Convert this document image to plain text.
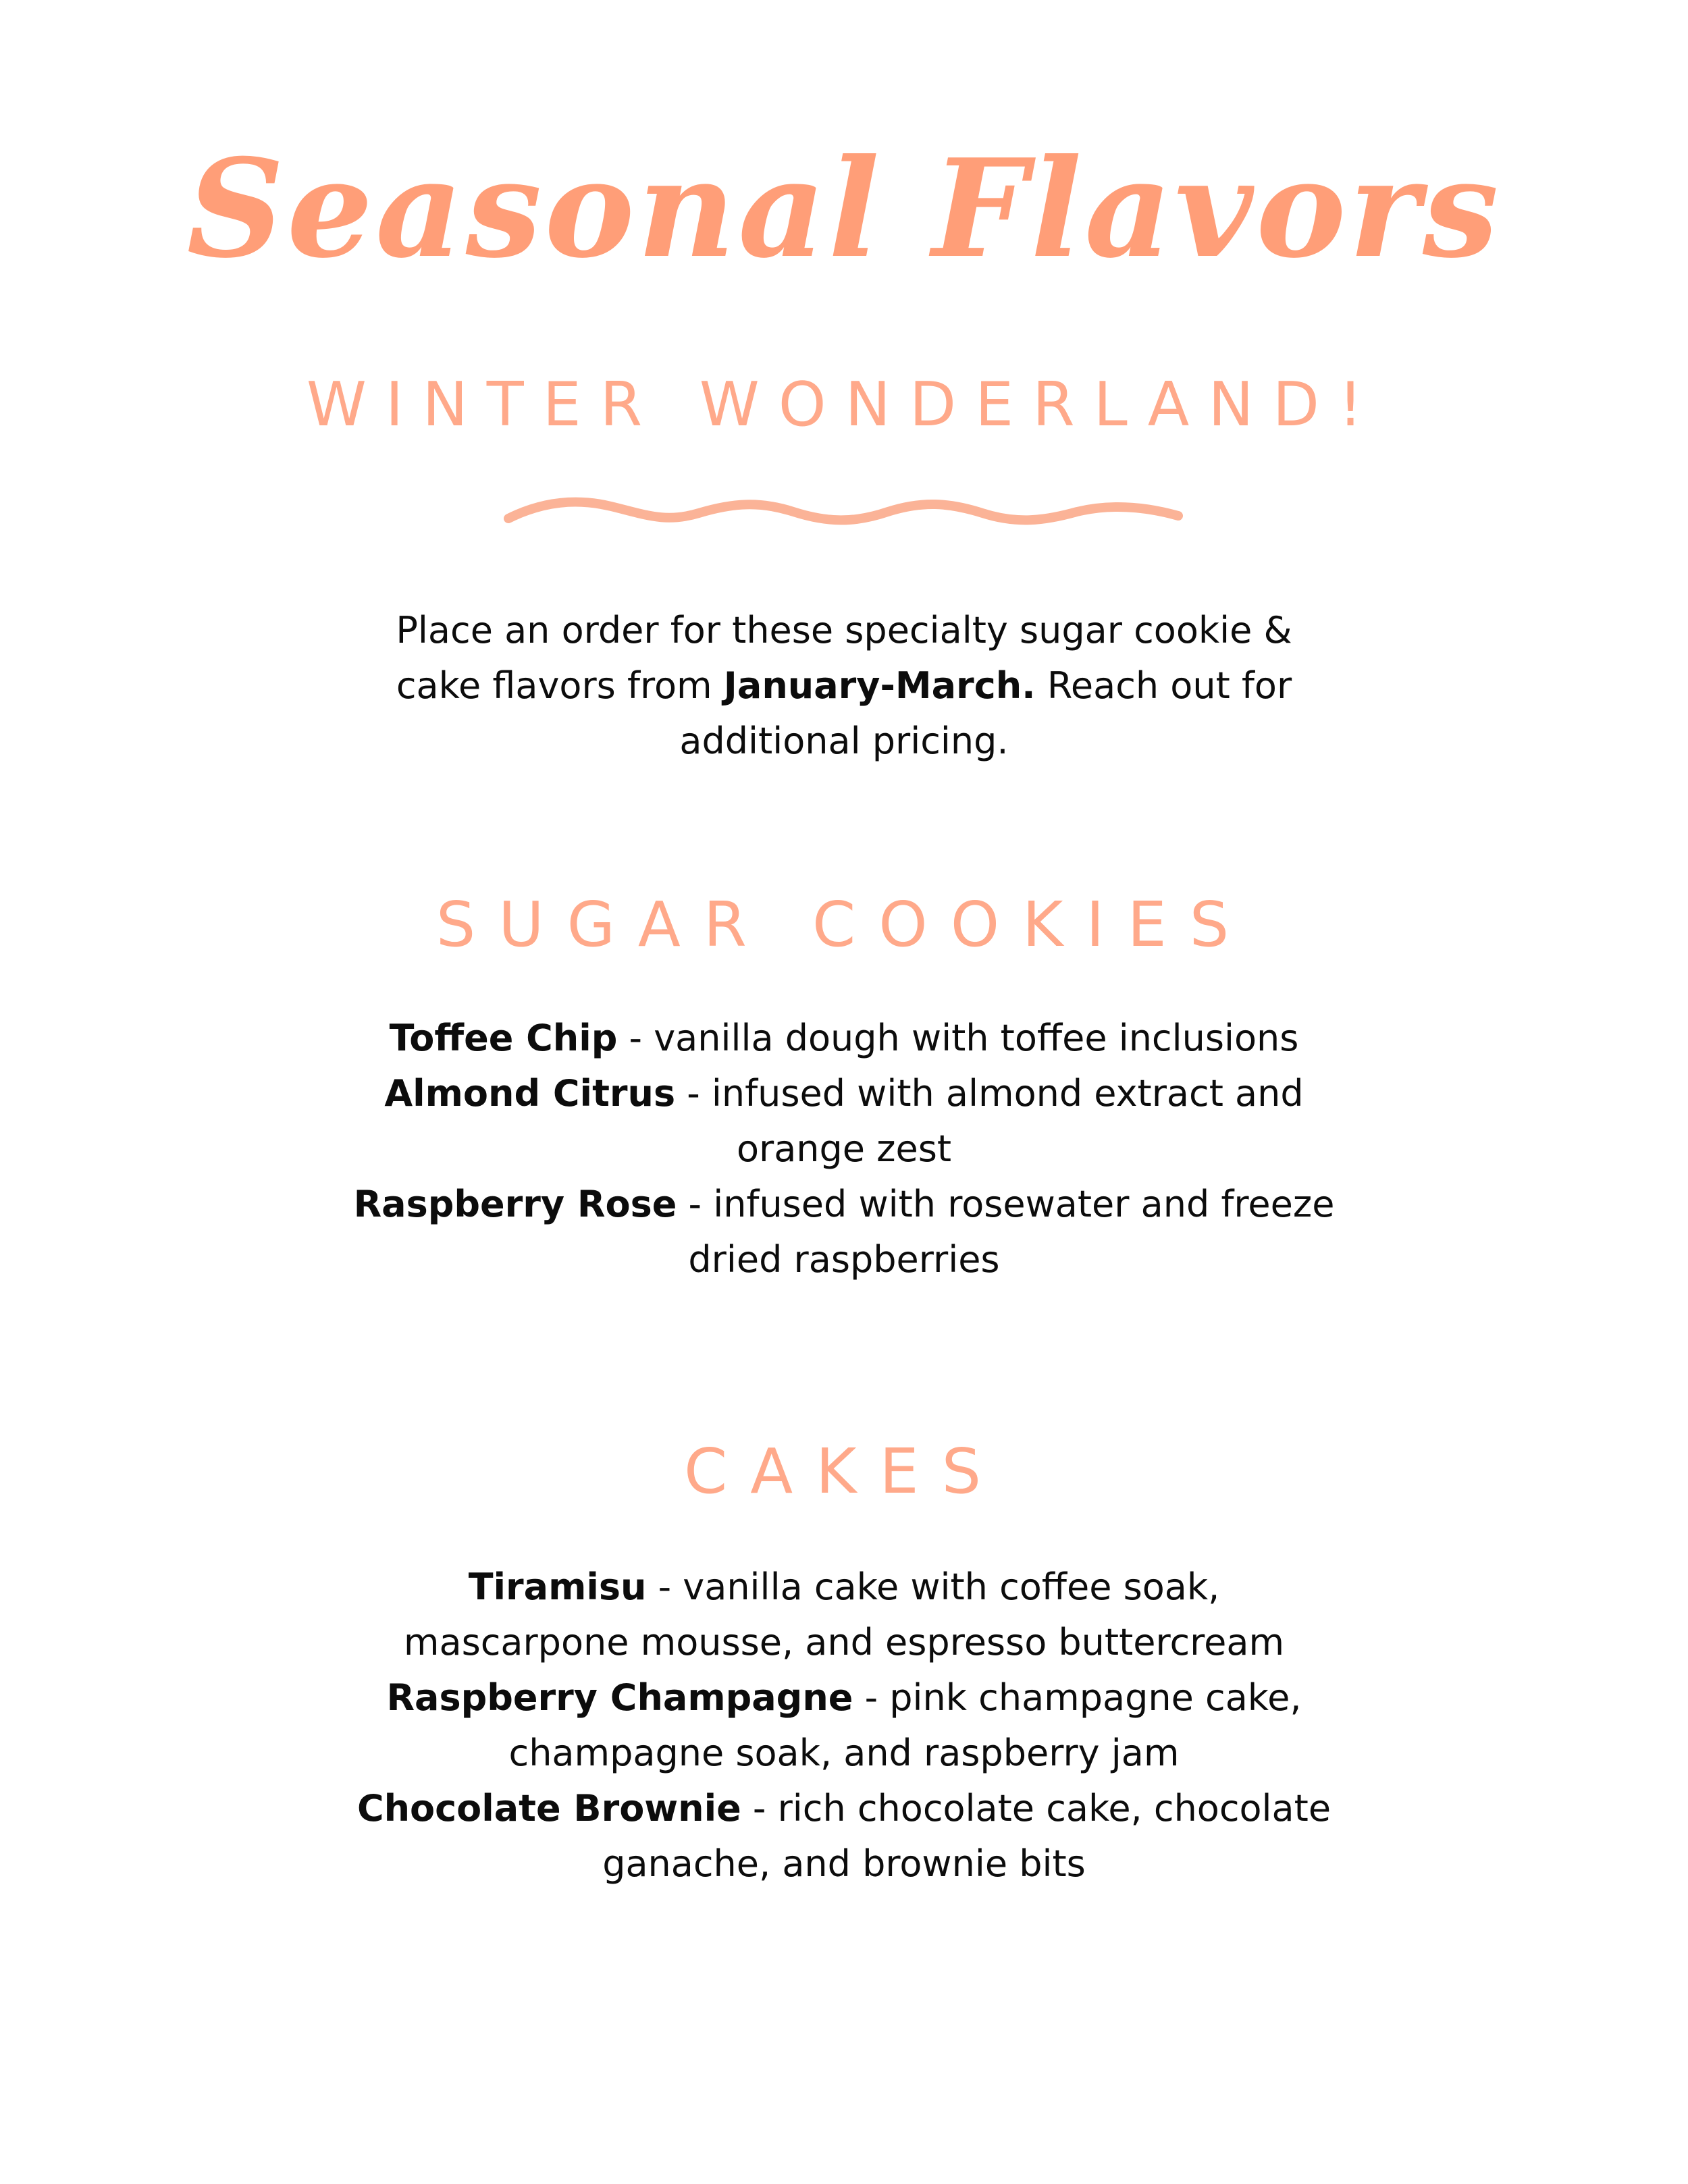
Seasonal Flavors
WINTER WONDERLAND!
Place an order for these specialty sugar cookie & cake flavors from January-March. Reach out for additional pricing.
SUGAR COOKIES

Toffee Chip - vanilla dough with toffee inclusions

Almond Citrus - infused with almond extract and orange zest

Raspberry Rose - infused with rosewater and freeze dried raspberries

CAKES

Tiramisu - vanilla cake with coffee soak, mascarpone mousse, and espresso buttercream

Raspberry Champagne - pink champagne cake, champagne soak, and raspberry jam

Chocolate Brownie - rich chocolate cake, chocolate ganache, and brownie bits
